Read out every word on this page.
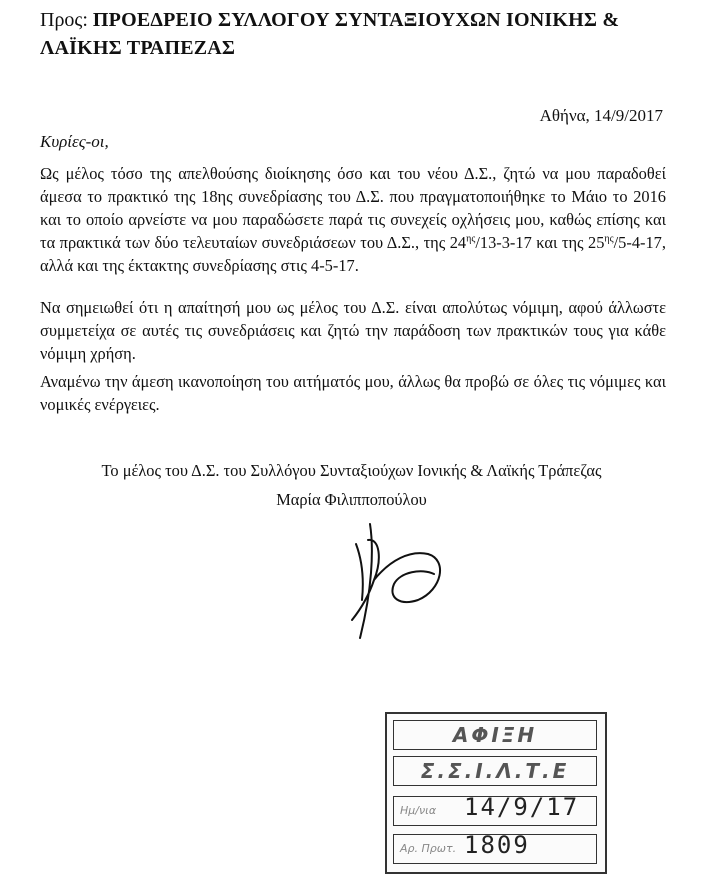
Προς: ΠΡΟΕΔΡΕΙΟ ΣΥΛΛΟΓΟΥ ΣΥΝΤΑΞΙΟΥΧΩΝ ΙΟΝΙΚΗΣ & ΛΑΪΚΗΣ ΤΡΑΠΕΖΑΣ
Αθήνα, 14/9/2017
Κυρίες-οι,
Ως μέλος τόσο της απελθούσης διοίκησης όσο και του νέου Δ.Σ., ζητώ να μου παραδοθεί άμεσα το πρακτικό της 18ης συνεδρίασης του Δ.Σ. που πραγματοποιήθηκε το Μάιο το 2016 και το οποίο αρνείστε να μου παραδώσετε παρά τις συνεχείς οχλήσεις μου, καθώς επίσης και τα πρακτικά των δύο τελευταίων συνεδριάσεων του Δ.Σ., της $24^{\eta\varsigma}/13-3-17$ και της $25^{\eta\varsigma}/5-4-17$, αλλά και της έκτακτης συνεδρίασης στις 4-5-17.
Να σημειωθεί ότι η απαίτησή μου ως μέλος του Δ.Σ. είναι απολύτως νόμιμη, αφού άλλωστε συμμετείχα σε αυτές τις συνεδριάσεις και ζητώ την παράδοση των πρακτικών τους για κάθε νόμιμη χρήση.
Αναμένω την άμεση ικανοποίηση του αιτήματός μου, άλλως θα προβώ σε όλες τις νόμιμες και νομικές ενέργειες.
Το μέλος του Δ.Σ. του Συλλόγου Συνταξιούχων Ιονικής & Λαϊκής Τράπεζας
Μαρία Φιλιπποπούλου
ΑΦΙΞΗ
Σ.Σ.Ι.Λ.Τ.Ε
Ημ/νια 14/9/17
Αρ. Πρωτ. 1809
